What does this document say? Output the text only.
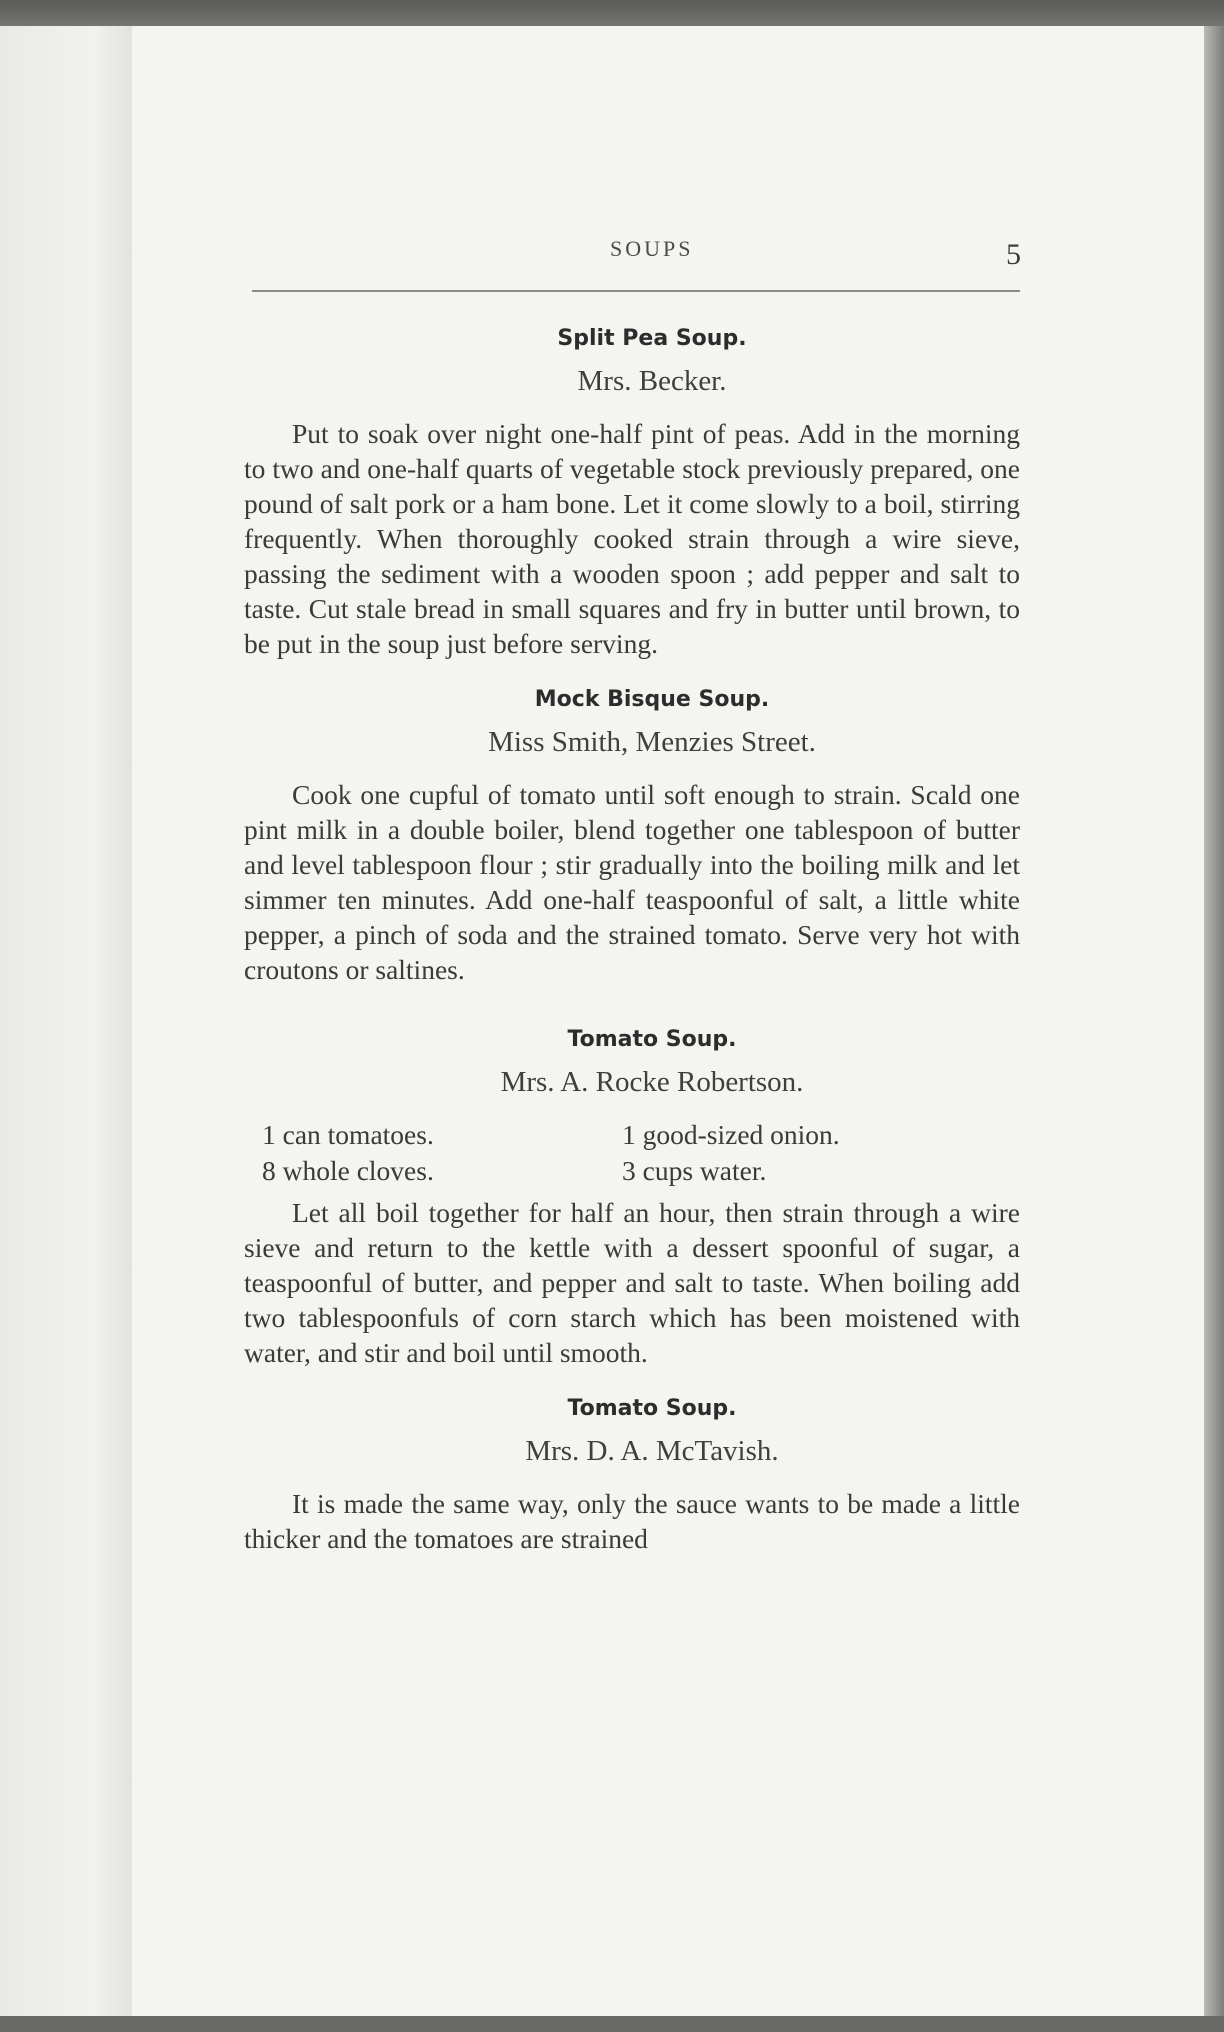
SOUPS	5
Split Pea Soup.
Mrs. Becker.

Put to soak over night one-half pint of peas. Add in the morning to two and one-half quarts of vegetable stock previously prepared, one pound of salt pork or a ham bone. Let it come slowly to a boil, stirring frequently. When thoroughly cooked strain through a wire sieve, passing the sediment with a wooden spoon ; add pepper and salt to taste. Cut stale bread in small squares and fry in butter until brown, to be put in the soup just before serving.

Mock Bisque Soup.
Miss Smith, Menzies Street.

Cook one cupful of tomato until soft enough to strain. Scald one pint milk in a double boiler, blend together one tablespoon of butter and level tablespoon flour ; stir gradually into the boiling milk and let simmer ten minutes. Add one-half teaspoonful of salt, a little white pepper, a pinch of soda and the strained tomato. Serve very hot with croutons or saltines.

Tomato Soup.
Mrs. A. Rocke Robertson.
1 can tomatoes.	1 good-sized onion.
8 whole cloves.	3 cups water.

Let all boil together for half an hour, then strain through a wire sieve and return to the kettle with a dessert spoonful of sugar, a teaspoonful of butter, and pepper and salt to taste. When boiling add two tablespoonfuls of corn starch which has been moistened with water, and stir and boil until smooth.

Tomato Soup.
Mrs. D. A. McTavish.

It is made the same way, only the sauce wants to be made a little thicker and the tomatoes are strained
